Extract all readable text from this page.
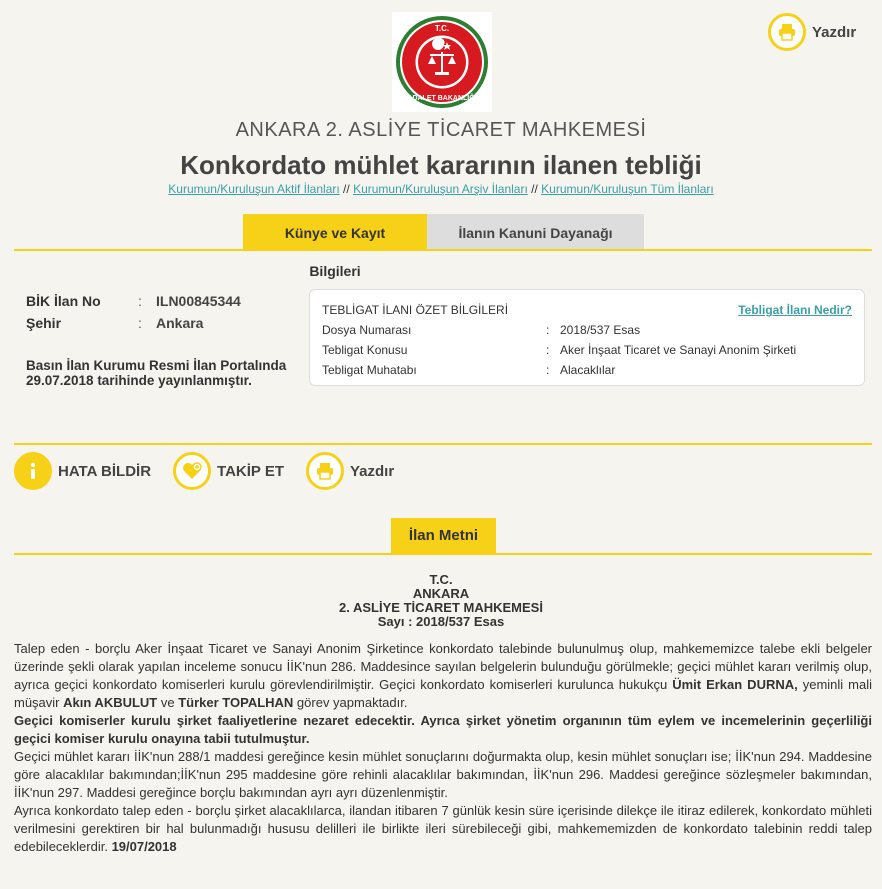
T.C.
ADALET BAKANLIĞI
Yazdır
ANKARA 2. ASLİYE TİCARET MAHKEMESİ
Konkordato mühlet kararının ilanen tebliği
Kurumun/Kuruluşun Aktif İlanları // Kurumun/Kuruluşun Arşiv İlanları // Kurumun/Kuruluşun Tüm İlanları
Künye ve Kayıt Bilgileri
İlanın Kanuni Dayanağı
BİK İlan No	:	ILN00845344
Şehir	:	Ankara
Basın İlan Kurumu Resmi İlan Portalında 29.07.2018 tarihinde yayınlanmıştır.
TEBLİGAT İLANI ÖZET BİLGİLERİ	Tebligat İlanı Nedir?
Dosya Numarası	: 2018/537 Esas
Tebligat Konusu	: Aker İnşaat Ticaret ve Sanayi Anonim Şirketi
Tebligat Muhatabı	: Alacaklılar
HATA BİLDİR	TAKİP ET	Yazdır
İlan Metni
T.C.
ANKARA
2. ASLİYE TİCARET MAHKEMESİ
Sayı : 2018/537 Esas

Talep eden - borçlu Aker İnşaat Ticaret ve Sanayi Anonim Şirketince konkordato talebinde bulunulmuş olup, mahkememizce talebe ekli belgeler üzerinde şekli olarak yapılan inceleme sonucu İİK'nun 286. Maddesince sayılan belgelerin bulunduğu görülmekle; geçici mühlet kararı verilmiş olup, ayrıca geçici konkordato komiserleri kurulu görevlendirilmiştir. Geçici konkordato komiserleri kurulunca hukukçu Ümit Erkan DURNA, yeminli mali müşavir Akın AKBULUT ve Türker TOPALHAN görev yapmaktadır.

Geçici komiserler kurulu şirket faaliyetlerine nezaret edecektir. Ayrıca şirket yönetim organının tüm eylem ve incemelerinin geçerliliği geçici komiser kurulu onayına tabii tutulmuştur.

Geçici mühlet kararı İİK'nun 288/1 maddesi gereğince kesin mühlet sonuçlarını doğurmakta olup, kesin mühlet sonuçları ise; İİK'nun 294. Maddesine göre alacaklılar bakımından;İİK'nun 295 maddesine göre rehinli alacaklılar bakımından, İİK'nun 296. Maddesi gereğince sözleşmeler bakımından, İİK'nun 297. Maddesi gereğince borçlu bakımından ayrı ayrı düzenlenmiştir.

Ayrıca konkordato talep eden - borçlu şirket alacaklılarca, ilandan itibaren 7 günlük kesin süre içerisinde dilekçe ile itiraz edilerek, konkordato mühleti verilmesini gerektiren bir hal bulunmadığı hususu delilleri ile birlikte ileri sürebileceği gibi, mahkememizden de konkordato talebinin reddi talep edebileceklerdir. 19/07/2018
